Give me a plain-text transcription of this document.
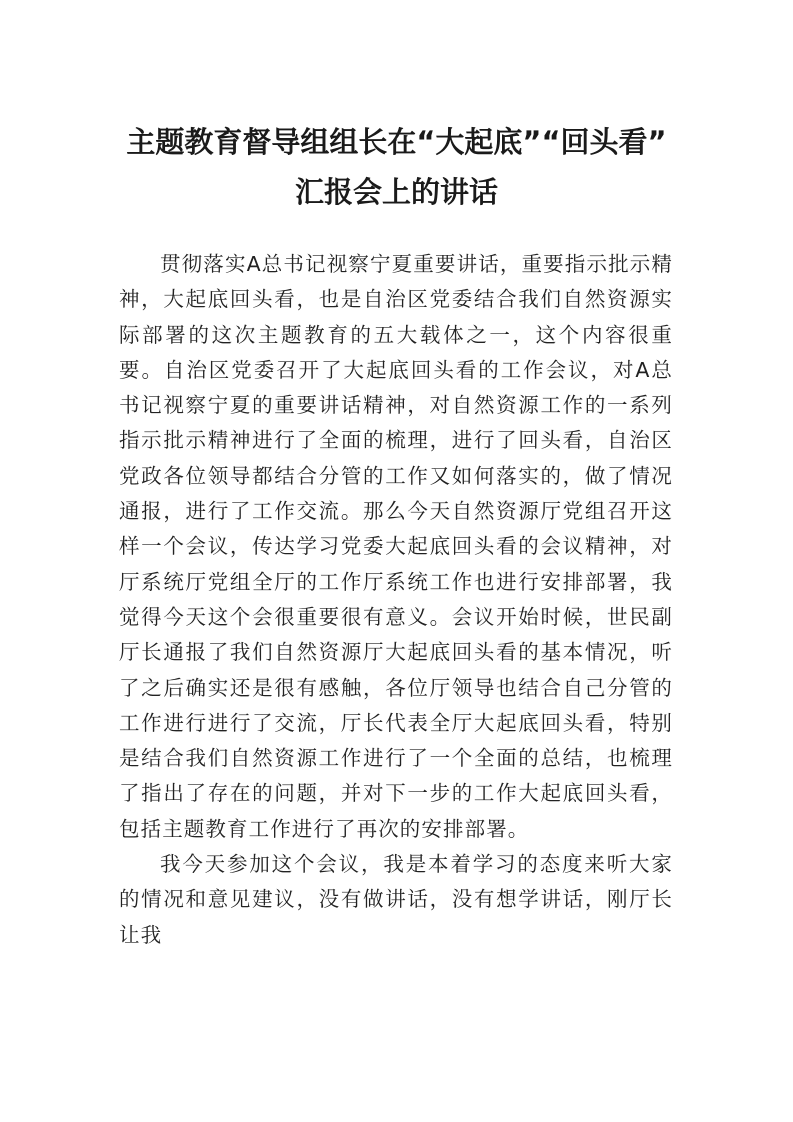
主题教育督导组组长在“大起底”“回头看”
汇报会上的讲话

贯彻落实A总书记视察宁夏重要讲话，重要指示批示精神，大起底回头看，也是自治区党委结合我们自然资源实际部署的这次主题教育的五大载体之一，这个内容很重要。自治区党委召开了大起底回头看的工作会议，对A总书记视察宁夏的重要讲话精神，对自然资源工作的一系列指示批示精神进行了全面的梳理，进行了回头看，自治区党政各位领导都结合分管的工作又如何落实的，做了情况通报，进行了工作交流。那么今天自然资源厅党组召开这样一个会议，传达学习党委大起底回头看的会议精神，对厅系统厅党组全厅的工作厅系统工作也进行安排部署，我觉得今天这个会很重要很有意义。会议开始时候，世民副厅长通报了我们自然资源厅大起底回头看的基本情况，听了之后确实还是很有感触，各位厅领导也结合自己分管的工作进行进行了交流，厅长代表全厅大起底回头看，特别是结合我们自然资源工作进行了一个全面的总结，也梳理了指出了存在的问题，并对下一步的工作大起底回头看，包括主题教育工作进行了再次的安排部署。

我今天参加这个会议，我是本着学习的态度来听大家的情况和意见建议，没有做讲话，没有想学讲话，刚厅长让我
